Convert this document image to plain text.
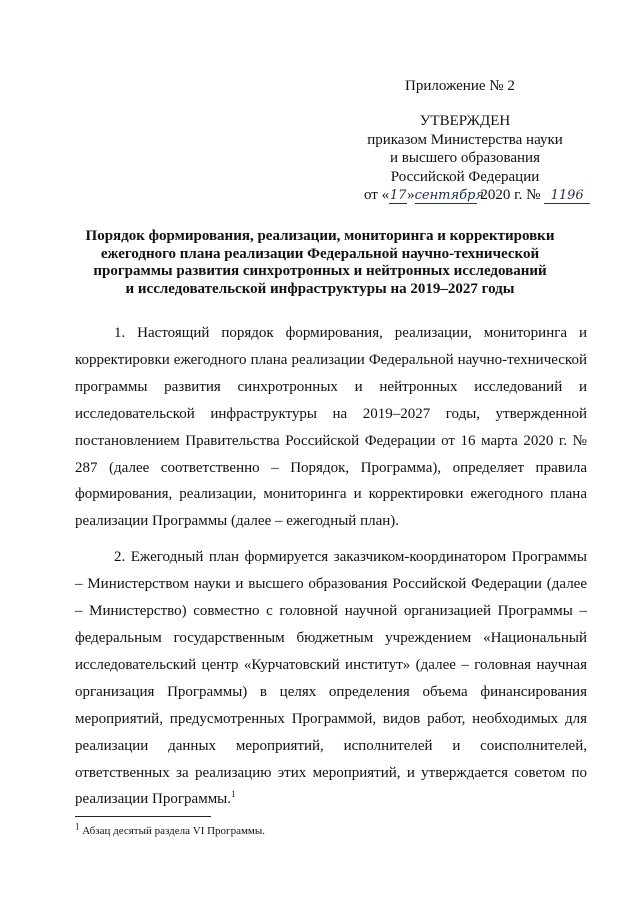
Приложение № 2
УТВЕРЖДЕН
приказом Министерства науки
и высшего образования
Российской Федерации
от «17»сентября 2020 г. № 1196
Порядок формирования, реализации, мониторинга и корректировки
ежегодного плана реализации Федеральной научно-технической
программы развития синхротронных и нейтронных исследований
и исследовательской инфраструктуры на 2019–2027 годы

1. Настоящий порядок формирования, реализации, мониторинга и корректировки ежегодного плана реализации Федеральной научно-технической программы развития синхротронных и нейтронных исследований и исследовательской инфраструктуры на 2019–2027 годы, утвержденной постановлением Правительства Российской Федерации от 16 марта 2020 г. № 287 (далее соответственно – Порядок, Программа), определяет правила формирования, реализации, мониторинга и корректировки ежегодного плана реализации Программы (далее – ежегодный план).

2. Ежегодный план формируется заказчиком-координатором Программы – Министерством науки и высшего образования Российской Федерации (далее – Министерство) совместно с головной научной организацией Программы – федеральным государственным бюджетным учреждением «Национальный исследовательский центр «Курчатовский институт» (далее – головная научная организация Программы) в целях определения объема финансирования мероприятий, предусмотренных Программой, видов работ, необходимых для реализации данных мероприятий, исполнителей и соисполнителей, ответственных за реализацию этих мероприятий, и утверждается советом по реализации Программы.$^1$

$^1$ Абзац десятый раздела VI Программы.
